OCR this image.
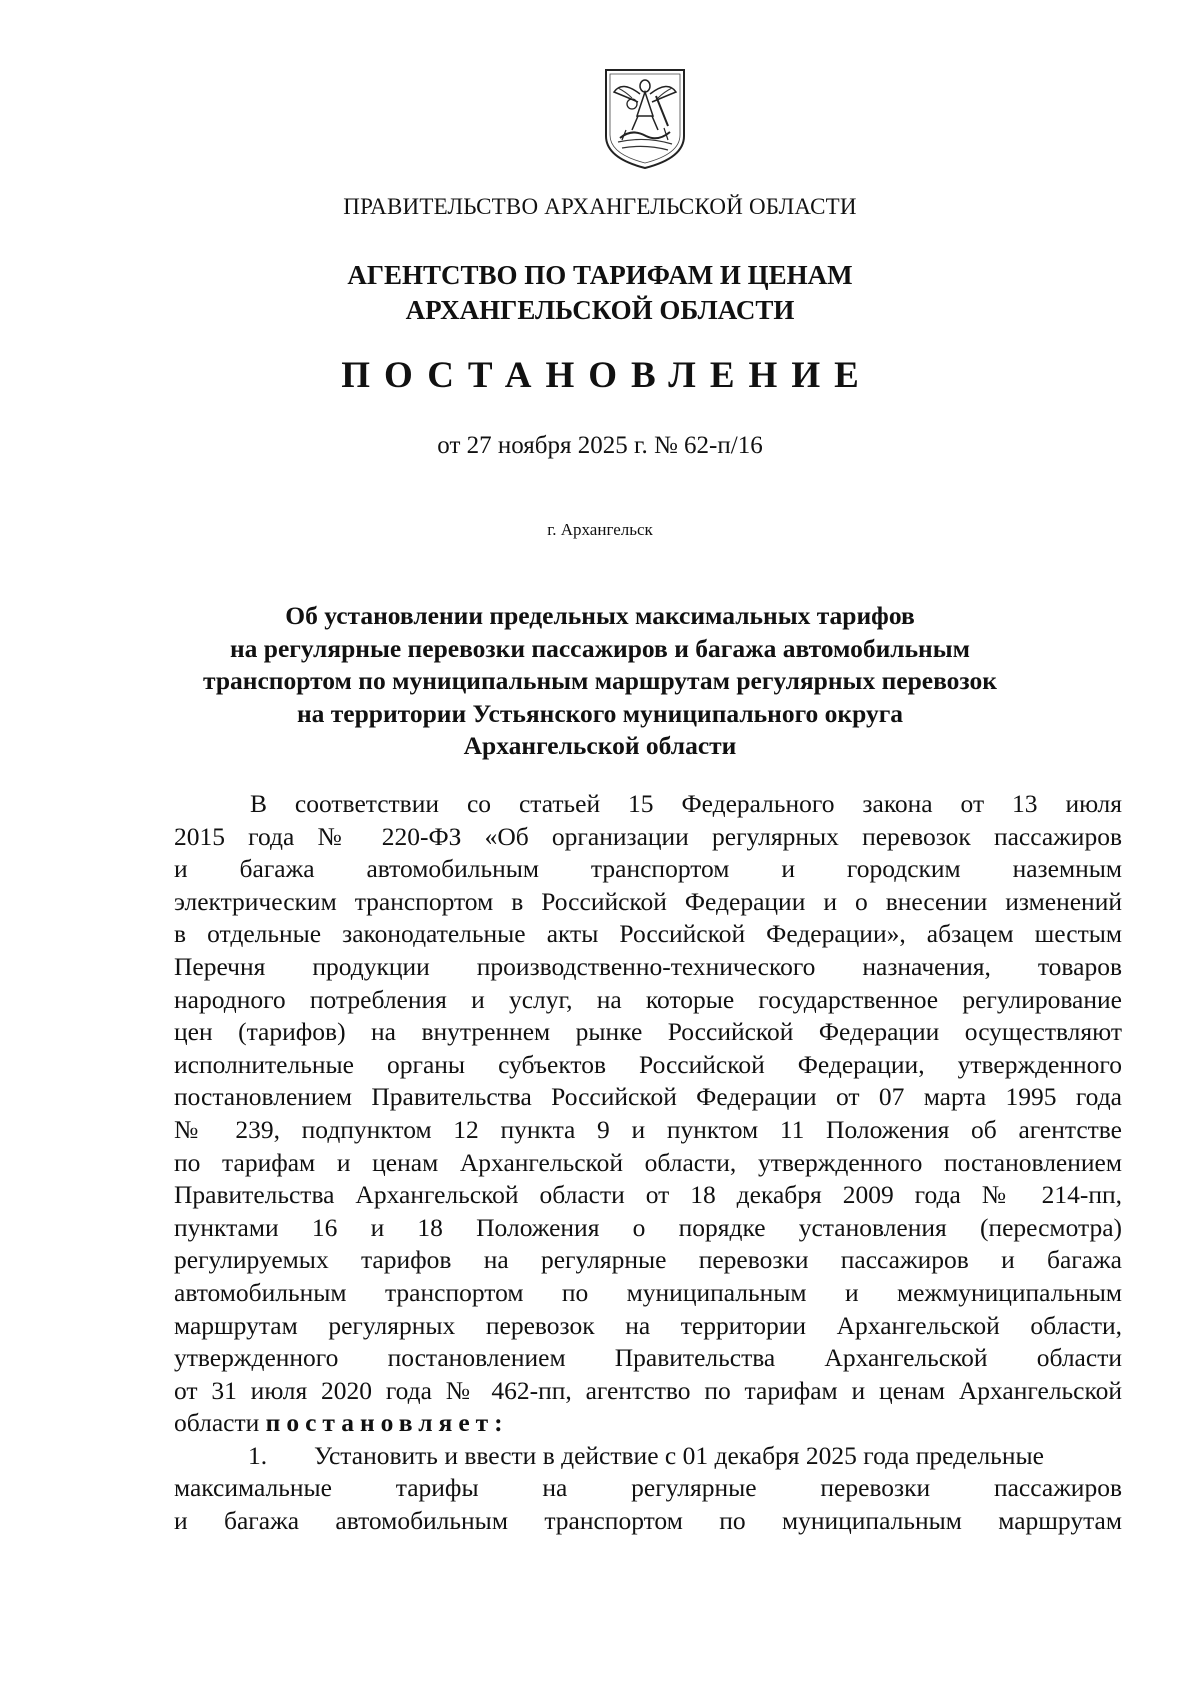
ПРАВИТЕЛЬСТВО АРХАНГЕЛЬСКОЙ ОБЛАСТИ
АГЕНТСТВО ПО ТАРИФАМ И ЦЕНАМ
АРХАНГЕЛЬСКОЙ ОБЛАСТИ
ПОСТАНОВЛЕНИЕ
от 27 ноября 2025 г. № 62-п/16
г. Архангельск
Об установлении предельных максимальных тарифов
на регулярные перевозки пассажиров и багажа автомобильным
транспортом по муниципальным маршрутам регулярных перевозок
на территории Устьянского муниципального округа
Архангельской области
В соответствии со статьей 15 Федерального закона от 13 июля
2015 года № 220-ФЗ «Об организации регулярных перевозок пассажиров
и багажа автомобильным транспортом и городским наземным
электрическим транспортом в Российской Федерации и о внесении изменений
в отдельные законодательные акты Российской Федерации», абзацем шестым
Перечня продукции производственно-технического назначения, товаров
народного потребления и услуг, на которые государственное регулирование
цен (тарифов) на внутреннем рынке Российской Федерации осуществляют
исполнительные органы субъектов Российской Федерации, утвержденного
постановлением Правительства Российской Федерации от 07 марта 1995 года
№ 239, подпунктом 12 пункта 9 и пунктом 11 Положения об агентстве
по тарифам и ценам Архангельской области, утвержденного постановлением
Правительства Архангельской области от 18 декабря 2009 года № 214-пп,
пунктами 16 и 18 Положения о порядке установления (пересмотра)
регулируемых тарифов на регулярные перевозки пассажиров и багажа
автомобильным транспортом по муниципальным и межмуниципальным
маршрутам регулярных перевозок на территории Архангельской области,
утвержденного постановлением Правительства Архангельской области
от 31 июля 2020 года № 462-пп, агентство по тарифам и ценам Архангельской
области постановляет:
1. Установить и ввести в действие с 01 декабря 2025 года предельные
максимальные тарифы на регулярные перевозки пассажиров
и багажа автомобильным транспортом по муниципальным маршрутам
